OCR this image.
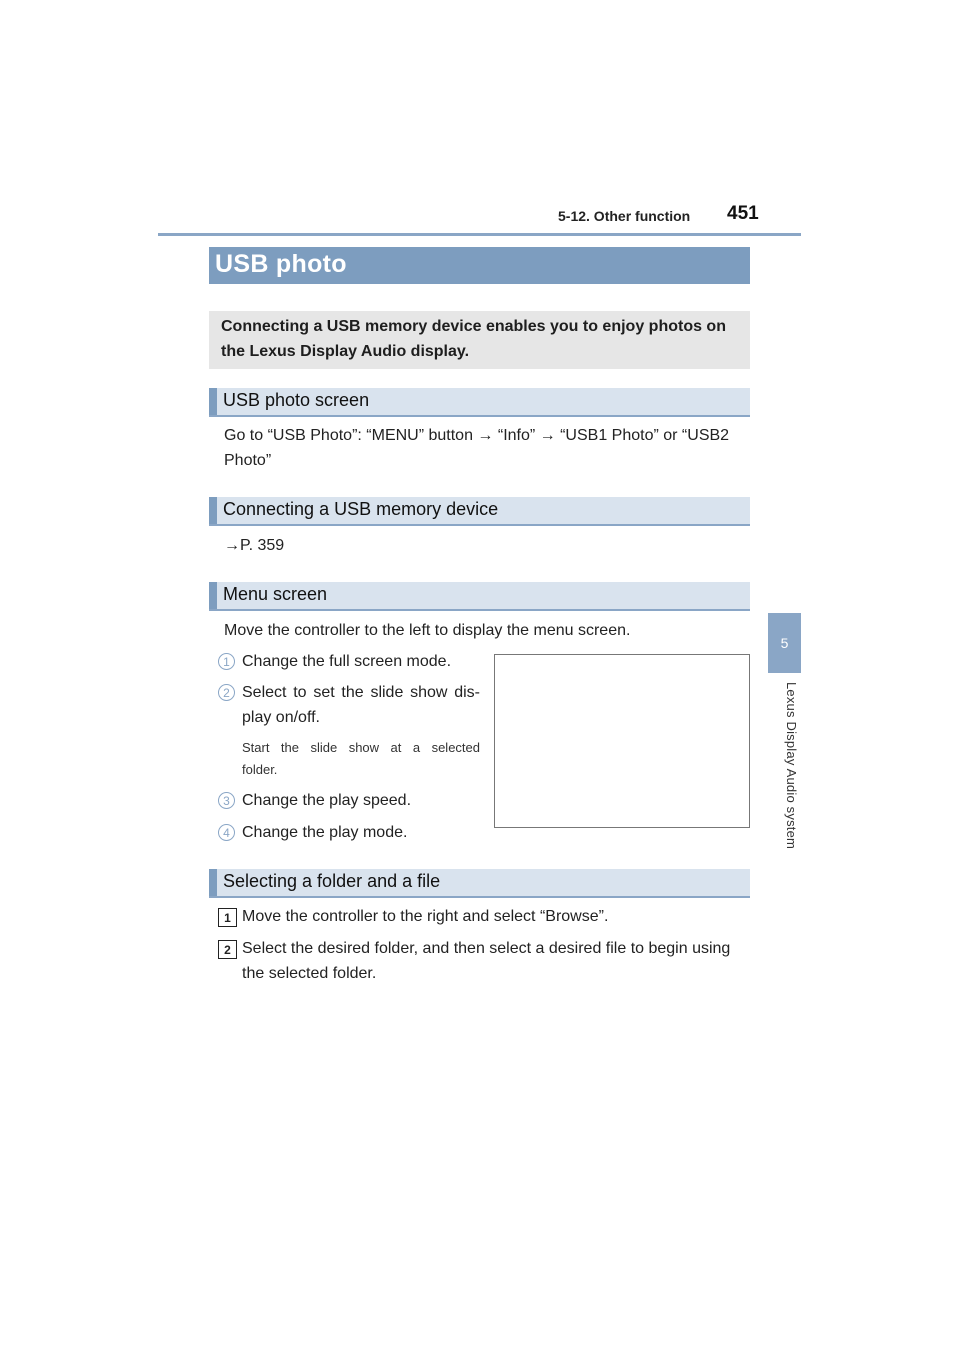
5-12. Other function 451
5
Lexus Display Audio system
USB photo
Connecting a USB memory device enables you to enjoy photos on the Lexus Display Audio display.
USB photo screen
Go to “USB Photo”: “MENU” button → “Info” → “USB1 Photo” or “USB2
Photo”
Connecting a USB memory device
→P. 359
Menu screen
Move the controller to the left to display the menu screen.
1 Change the full screen mode.
2 Select to set the slide show dis-
play on/off.
Start the slide show at a selected
folder.
3 Change the play speed.
4 Change the play mode.
Selecting a folder and a file
1 Move the controller to the right and select “Browse”.
2 Select the desired folder, and then select a desired file to begin using
the selected folder.
